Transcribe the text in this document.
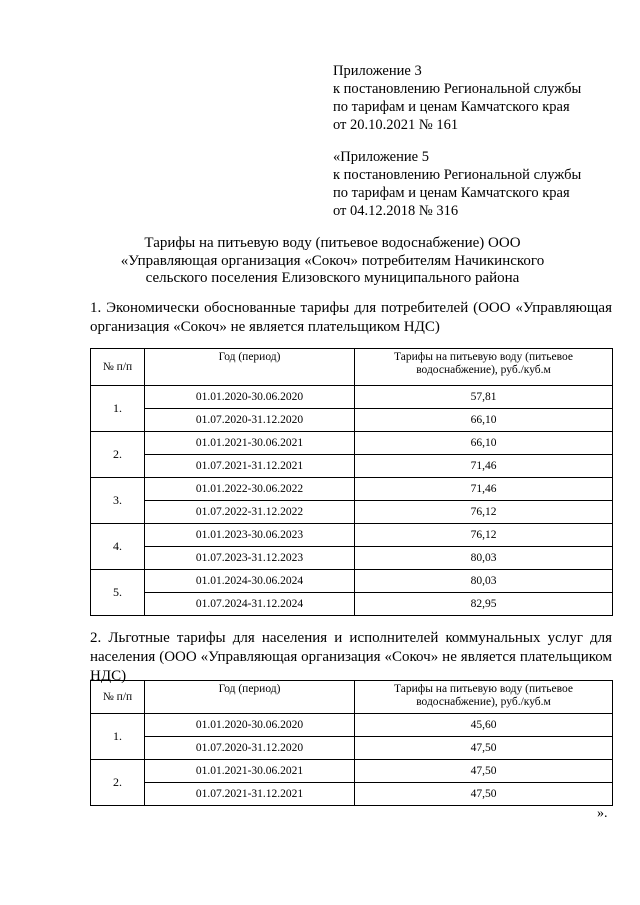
Приложение 3
к постановлению Региональной службы
по тарифам и ценам Камчатского края
от 20.10.2021 № 161
«Приложение 5
к постановлению Региональной службы
по тарифам и ценам Камчатского края
от 04.12.2018 № 316
Тарифы на питьевую воду (питьевое водоснабжение) ООО «Управляющая организация «Сокоч» потребителям Начикинского сельского поселения Елизовского муниципального района
1. Экономически обоснованные тарифы для потребителей (ООО «Управляющая организация «Сокоч» не является плательщиком НДС)
№ п/п	Год (период)	Тарифы на питьевую воду (питьевое водоснабжение), руб./куб.м
1.	01.01.2020-30.06.2020	57,81
	01.07.2020-31.12.2020	66,10
2.	01.01.2021-30.06.2021	66,10
	01.07.2021-31.12.2021	71,46
3.	01.01.2022-30.06.2022	71,46
	01.07.2022-31.12.2022	76,12
4.	01.01.2023-30.06.2023	76,12
	01.07.2023-31.12.2023	80,03
5.	01.01.2024-30.06.2024	80,03
	01.07.2024-31.12.2024	82,95
2. Льготные тарифы для населения и исполнителей коммунальных услуг для населения (ООО «Управляющая организация «Сокоч» не является плательщиком НДС)
№ п/п	Год (период)	Тарифы на питьевую воду (питьевое водоснабжение), руб./куб.м
1.	01.01.2020-30.06.2020	45,60
	01.07.2020-31.12.2020	47,50
2.	01.01.2021-30.06.2021	47,50
	01.07.2021-31.12.2021	47,50
».
